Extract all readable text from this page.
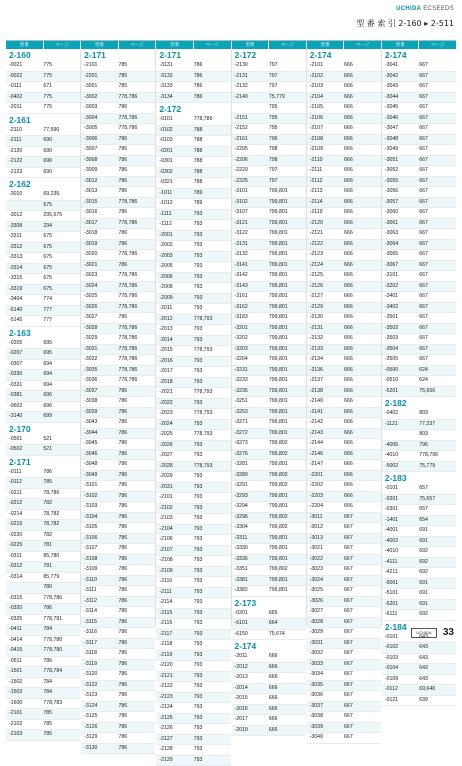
UCHIDA ECSEEDS
型 番 索 引 2-160 ▸ 2-511
型番	ページ
2-160
-0021	775
-0022	775
-0111	671
-0402	775
-2011	775
2-161
-2110	77,690
-2111	690
-2120	690
-2122	690
-2123	690
2-162
-3010	69,235
675
-3012	235,675
-3308	234
-3311	675
-3312	675
-3313	675
-3314	675
-3315	675
-3319	675
-3404	774
-5140	777
-5145	777
2-163
-0205	695
-0207	695
-0307	694
-0330	694
-0331	694
-0381	696
-0602	696
-3140	699
2-170
-0501	521
-0502	521
2-171
-0111	786
-0112	785
-0211	78,786
-0212	782
-0214	78,782
-0215	78,782
-0220	782
-0225	781
-0311	85,780
-0312	781
-0314	85,779
780
-0315	778,786
-0320	786
-0325	778,781
-0411	784
-0414	778,780
-0415	778,780
-0511	786
-1501	778,784
-1502	784
-1503	784
-1600	778,783
-2101	785
-2102	785
-2103	785
型番	ページ
2-171
-2101	785
-2201	785
-3001	785
-3002	778,786
-3003	786
-3004	778,786
-3005	778,786
-3006	786
-3007	786
-3008	786
-3009	786
-3012	786
-3013	786
-3015	778,786
-3016	786
-3017	778,786
-3018	786
-3019	786
-3020	778,786
-3021	786
-3023	778,786
-3024	778,786
-3025	778,786
-3026	778,786
-3027	786
-3028	778,786
-3029	778,786
-3031	778,786
-3032	778,786
-3035	778,786
-3036	778,786
-3037	786
-3038	786
-3039	786
-3043	786
-3044	786
-3045	786
-3046	786
-3048	786
-3049	786
-3101	786
-3102	786
-3103	786
-3104	786
-3105	786
-3106	786
-3107	786
-3108	786
-3109	786
-3110	786
-3111	786
-3112	786
-3114	786
-3115	786
-3116	786
-3117	786
-3118	786
-3119	786
-3120	786
-3122	786
-3123	786
-3124	786
-3125	786
-3126	786
-3129	786
-3130	786
型番	ページ
2-171
-3131	786
-3132	786
-3133	786
-3134	786
2-172
-0101	778,786
-0102	788
-0103	788
-0201	788
-0301	788
-0302	788
-0321	788
-1011	789
-1012	789
-1111	793
-1112	793
-2001	793
-2002	793
-2003	793
-2005	793
-2006	793
-2008	793
-2009	793
-2011	793
-2012	778,793
-2013	793
-2014	793
-2015	778,793
-2016	793
-2017	793
-2018	793
-2021	778,793
-2022	793
-2023	778,793
-2024	793
-2025	778,793
-2026	793
-2027	793
-2028	778,793
-2029	793
-2031	793
-2101	793
-2102	793
-2103	793
-2104	793
-2106	793
-2107	793
-2108	793
-2109	793
-2110	793
-2111	793
-2114	793
-2115	793
-2116	793
-2117	793
-2118	793
-2119	793
-2120	793
-2121	793
-2122	793
-2123	793
-2124	793
-2125	793
-2126	793
-2127	793
-2128	793
-2129	793
型番	ページ
2-172
-2130	797
-2131	797
-2132	797
-2140	75,779
795
-2151	795
-2152	795
-2161	796
-2205	798
-2206	798
-2220	797
-2225	797
-3101	799,801
-3102	799,801
-3107	799,801
-3121	799,801
-3122	799,801
-3131	799,801
-3132	799,801
-3141	799,801
-3142	799,801
-3143	799,801
-3161	799,801
-3162	799,801
-3183	799,801
-3201	799,801
-3202	799,801
-3203	799,801
-3204	799,801
-3231	799,801
-3233	799,801
-3235	799,801
-3251	799,801
-3253	799,801
-3271	799,801
-3272	799,801
-3273	799,802
-3276	799,802
-3281	799,801
-3289	799,802
-3291	799,802
-3293	799,801
-3294	799,801
-3296	799,802
-3304	799,802
-3311	799,801
-3330	799,801
-3336	799,801
-3351	799,802
-3381	799,801
-3382	799,801
2-173
-0201	665
-6101	664
-6150	75,674
2-174
-2011	666
-2012	666
-2013	666
-2014	666
-2015	666
-2016	666
-2017	666
-2019	666
型番	ページ
2-174
-2101	666
-2102	666
-2103	666
-2104	666
-2105	666
-2106	666
-2107	666
-2108	666
-2109	666
-2110	666
-2111	666
-2112	666
-2113	666
-2114	666
-2119	666
-2120	666
-2121	666
-2122	666
-2123	666
-2124	666
-2125	666
-2126	666
-2127	666
-2129	666
-2130	666
-2131	666
-2132	666
-2133	666
-2134	666
-2136	666
-2137	666
-2138	666
-2140	666
-2141	666
-2142	666
-2143	666
-2144	666
-2146	666
-2147	666
-2201	666
-2202	666
-2203	666
-2204	666
-3011	667
-3012	667
-3013	667
-3021	667
-3022	667
-3023	667
-3024	667
-3025	667
-3026	667
-3027	667
-3028	667
-3029	667
-3031	667
-3032	667
-3033	667
-3034	667
-3035	667
-3036	667
-3037	667
-3038	667
-3039	667
-3040	667
型番	ページ
2-174
-3041	667
-3042	667
-3043	667
-3044	667
-3045	667
-3046	667
-3047	667
-3048	667
-3049	667
-3051	667
-3052	667
-3055	667
-3056	667
-3057	667
-3060	667
-3061	667
-3063	667
-3064	667
-3065	667
-3067	667
-3101	667
-3202	667
-3401	667
-3402	667
-3501	667
-3502	667
-3503	667
-3504	667
-3505	667
-0500	624
-0510	624
-5201	75,656
2-182
-0402	803
-1121	77,337
803
-4005	796
-4010	778,796
-5002	75,779
2-183
-0101	657
-0201	75,657
-0301	657
-1401	654
-4001	691
-4002	691
-4010	692
-4111	692
-4211	692
-5001	691
-5101	691
-5201	691
-6111	692
2-184
-0101	643
-0102	643
-0103	643
-0104	643
-0109	643
-0112	69,640
-0121	639
UCHIDA	33
